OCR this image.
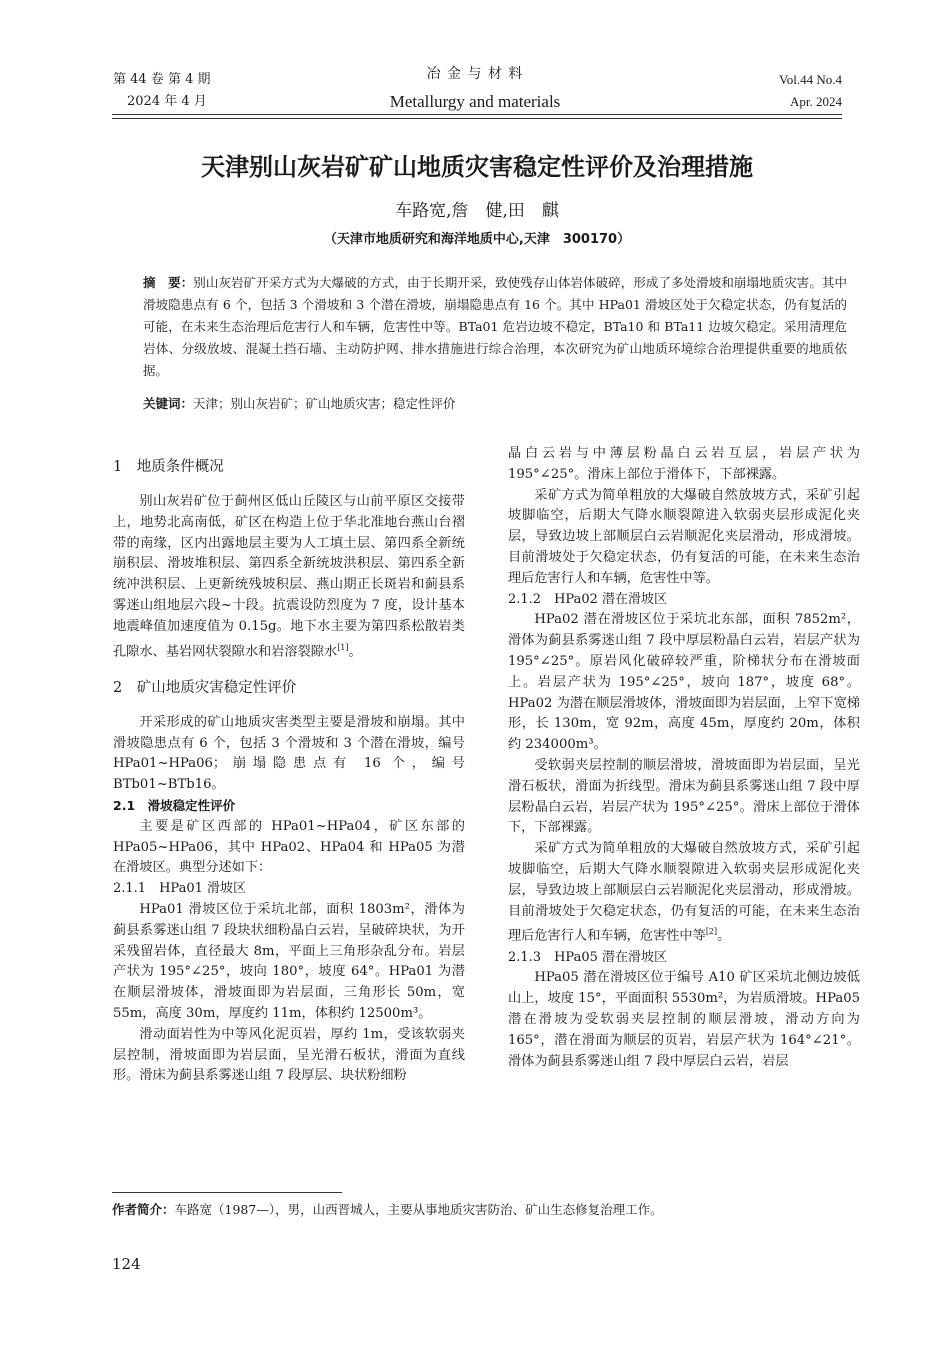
第 44 卷 第 4 期
2024 年 4 月
冶 金 与 材 料
Metallurgy and materials
Vol.44 No.4
Apr. 2024
天津别山灰岩矿矿山地质灾害稳定性评价及治理措施
车路宽,詹　健,田　麒
（天津市地质研究和海洋地质中心,天津　300170）
摘　要：别山灰岩矿开采方式为大爆破的方式，由于长期开采，致使残存山体岩体破碎，形成了多处滑坡和崩塌地质灾害。其中滑坡隐患点有 6 个，包括 3 个滑坡和 3 个潜在滑坡，崩塌隐患点有 16 个。其中 HPa01 滑坡区处于欠稳定状态，仍有复活的可能，在未来生态治理后危害行人和车辆，危害性中等。BTa01 危岩边坡不稳定，BTa10 和 BTa11 边坡欠稳定。采用清理危岩体、分级放坡、混凝土挡石墙、主动防护网、排水措施进行综合治理，本次研究为矿山地质环境综合治理提供重要的地质依据。
关键词：天津；别山灰岩矿；矿山地质灾害；稳定性评价
1　地质条件概况

别山灰岩矿位于蓟州区低山丘陵区与山前平原区交接带上，地势北高南低，矿区在构造上位于华北准地台燕山台褶带的南缘，区内出露地层主要为人工填土层、第四系全新统崩积层、滑坡堆积层、第四系全新统坡洪积层、第四系全新统冲洪积层、上更新统残坡积层、燕山期正长斑岩和蓟县系雾迷山组地层六段~十段。抗震设防烈度为 7 度，设计基本地震峰值加速度值为 0.15g。地下水主要为第四系松散岩类孔隙水、基岩网状裂隙水和岩溶裂隙水[1]。

2　矿山地质灾害稳定性评价

开采形成的矿山地质灾害类型主要是滑坡和崩塌。其中滑坡隐患点有 6 个，包括 3 个滑坡和 3 个潜在滑坡，编号 HPa01~HPa06；崩塌隐患点有 16 个，编号 BTb01~BTb16。

2.1　滑坡稳定性评价

主要是矿区西部的 HPa01~HPa04，矿区东部的 HPa05~HPa06，其中 HPa02、HPa04 和 HPa05 为潜在滑坡区。典型分述如下：

2.1.1　HPa01 滑坡区

HPa01 滑坡区位于采坑北部，面积 1803m²，滑体为蓟县系雾迷山组 7 段块状细粉晶白云岩，呈破碎块状，为开采残留岩体，直径最大 8m，平面上三角形杂乱分布。岩层产状为 195°∠25°，坡向 180°，坡度 64°。HPa01 为潜在顺层滑坡体，滑坡面即为岩层面，三角形长 50m，宽 55m，高度 30m，厚度约 11m，体积约 12500m³。

滑动面岩性为中等风化泥页岩，厚约 1m，受该软弱夹层控制，滑坡面即为岩层面，呈光滑石板状，滑面为直线形。滑床为蓟县系雾迷山组 7 段厚层、块状粉细粉

晶白云岩与中薄层粉晶白云岩互层，岩层产状为 195°∠25°。滑床上部位于滑体下，下部裸露。

采矿方式为简单粗放的大爆破自然放坡方式，采矿引起坡脚临空，后期大气降水顺裂隙进入软弱夹层形成泥化夹层，导致边坡上部顺层白云岩顺泥化夹层滑动，形成滑坡。目前滑坡处于欠稳定状态，仍有复活的可能，在未来生态治理后危害行人和车辆，危害性中等。

2.1.2　HPa02 潜在滑坡区

HPa02 潜在滑坡区位于采坑北东部，面积 7852m²，滑体为蓟县系雾迷山组 7 段中厚层粉晶白云岩，岩层产状为 195°∠25°。原岩风化破碎较严重，阶梯状分布在滑坡面上。岩层产状为 195°∠25°，坡向 187°，坡度 68°。HPa02 为潜在顺层滑坡体，滑坡面即为岩层面，上窄下宽梯形，长 130m，宽 92m，高度 45m，厚度约 20m，体积约 234000m³。

受软弱夹层控制的顺层滑坡，滑坡面即为岩层面，呈光滑石板状，滑面为折线型。滑床为蓟县系雾迷山组 7 段中厚层粉晶白云岩，岩层产状为 195°∠25°。滑床上部位于滑体下，下部裸露。

采矿方式为简单粗放的大爆破自然放坡方式，采矿引起坡脚临空，后期大气降水顺裂隙进入软弱夹层形成泥化夹层，导致边坡上部顺层白云岩顺泥化夹层滑动，形成滑坡。目前滑坡处于欠稳定状态，仍有复活的可能，在未来生态治理后危害行人和车辆，危害性中等[2]。

2.1.3　HPa05 潜在滑坡区

HPa05 潜在滑坡区位于编号 A10 矿区采坑北侧边坡低山上，坡度 15°，平面面积 5530m²，为岩质滑坡。HPa05 潜在滑坡为受软弱夹层控制的顺层滑坡，滑动方向为 165°，潜在滑面为顺层的页岩，岩层产状为 164°∠21°。滑体为蓟县系雾迷山组 7 段中厚层白云岩，岩层

作者简介：车路宽（1987—），男，山西晋城人，主要从事地质灾害防治、矿山生态修复治理工作。
124
